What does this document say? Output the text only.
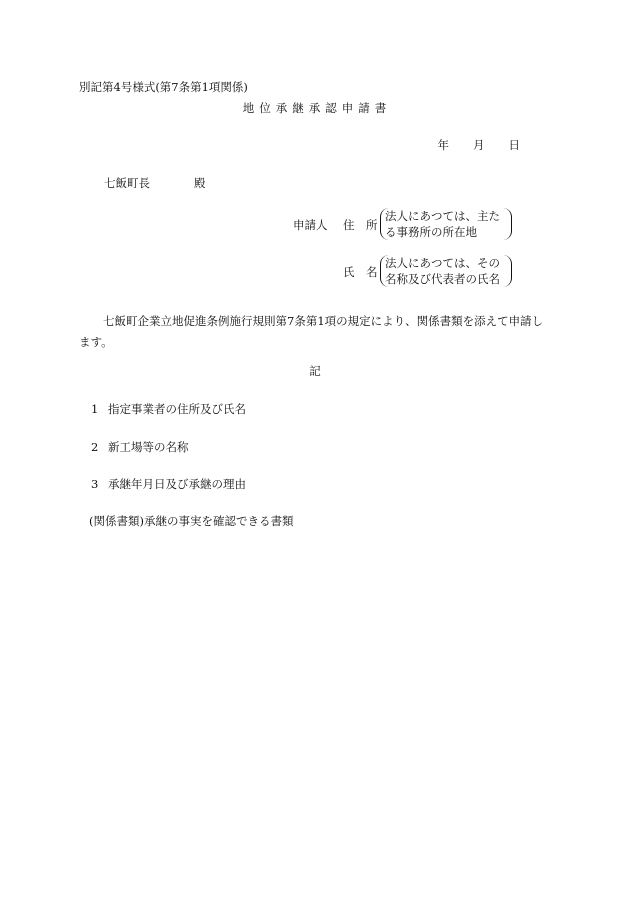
別記第4号様式(第7条第1項関係)
地位承継承認申請書
年 月 日
七飯町長	殿
申請人 住　所
法人にあつては、主た
る事務所の所在地
氏　名
法人にあつては、その
名称及び代表者の氏名
七飯町企業立地促進条例施行規則第7条第1項の規定により、関係書類を添えて申請します。
記
1 指定事業者の住所及び氏名
2 新工場等の名称
3 承継年月日及び承継の理由
(関係書類)承継の事実を確認できる書類
